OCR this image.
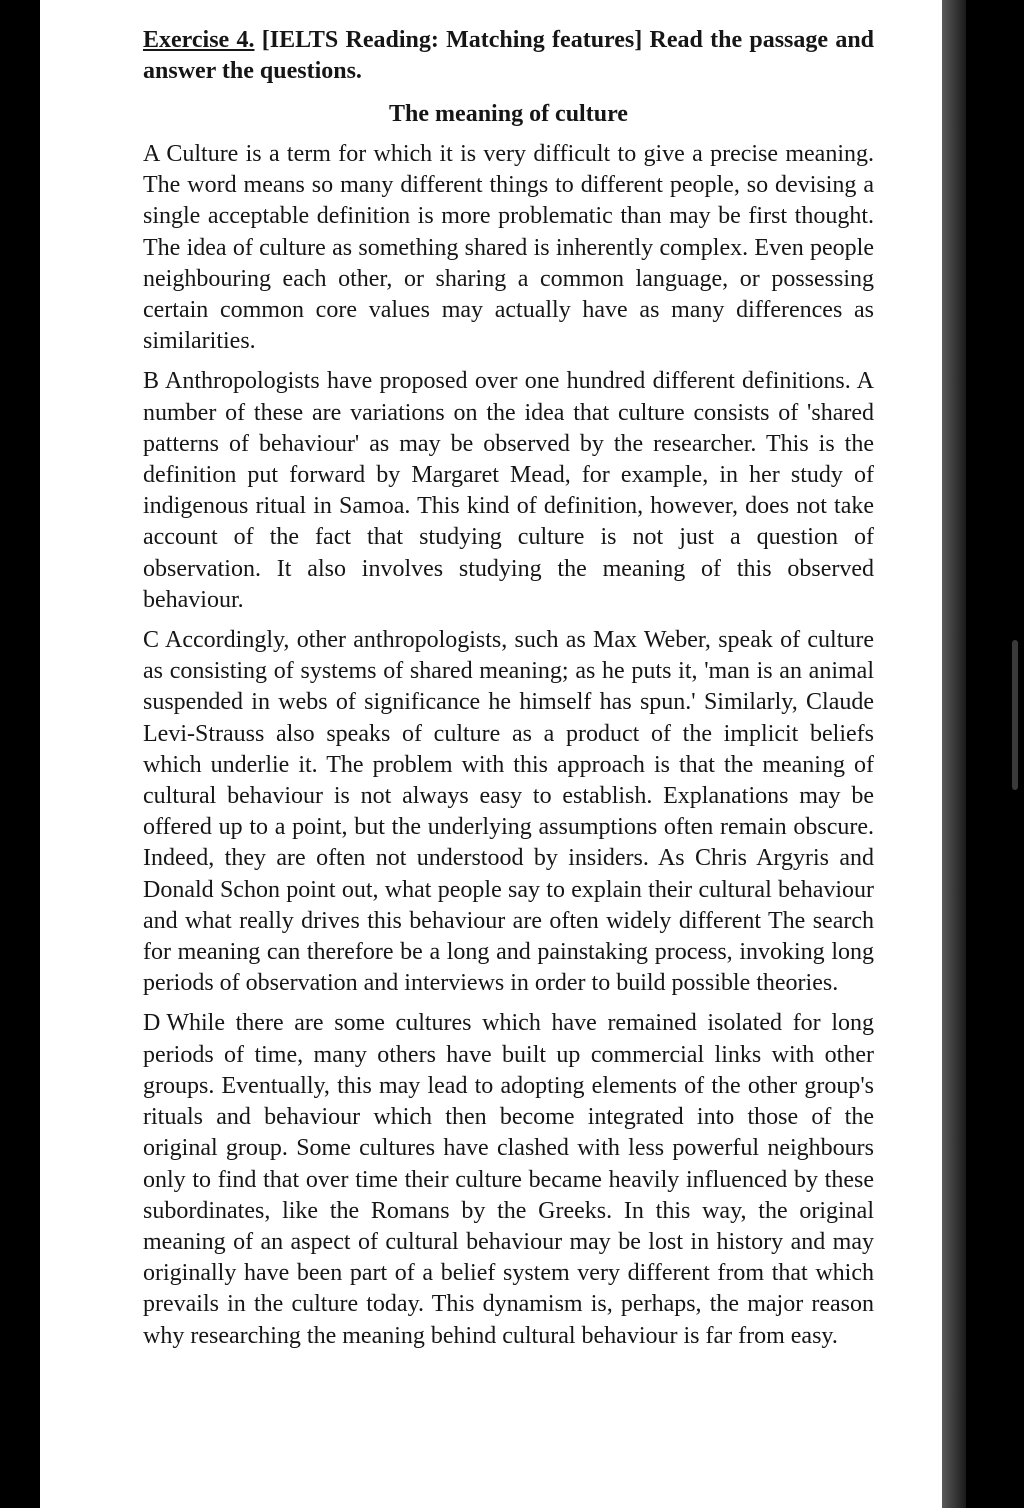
Exercise 4. [IELTS Reading: Matching features] Read the passage and answer the questions.

The meaning of culture

A Culture is a term for which it is very difficult to give a precise meaning. The word means so many different things to different people, so devising a single acceptable definition is more problematic than may be first thought. The idea of culture as something shared is inherently complex. Even people neighbouring each other, or sharing a common language, or possessing certain common core values may actually have as many differences as similarities.

B Anthropologists have proposed over one hundred different definitions. A number of these are variations on the idea that culture consists of 'shared patterns of behaviour' as may be observed by the researcher. This is the definition put forward by Margaret Mead, for example, in her study of indigenous ritual in Samoa. This kind of definition, however, does not take account of the fact that studying culture is not just a question of observation. It also involves studying the meaning of this observed behaviour.

C Accordingly, other anthropologists, such as Max Weber, speak of culture as consisting of systems of shared meaning; as he puts it, 'man is an animal suspended in webs of significance he himself has spun.' Similarly, Claude Levi-Strauss also speaks of culture as a product of the implicit beliefs which underlie it. The problem with this approach is that the meaning of cultural behaviour is not always easy to establish. Explanations may be offered up to a point, but the underlying assumptions often remain obscure. Indeed, they are often not understood by insiders. As Chris Argyris and Donald Schon point out, what people say to explain their cultural behaviour and what really drives this behaviour are often widely different The search for meaning can therefore be a long and painstaking process, invoking long periods of observation and interviews in order to build possible theories.

D While there are some cultures which have remained isolated for long periods of time, many others have built up commercial links with other groups. Eventually, this may lead to adopting elements of the other group's rituals and behaviour which then become integrated into those of the original group. Some cultures have clashed with less powerful neighbours only to find that over time their culture became heavily influenced by these subordinates, like the Romans by the Greeks. In this way, the original meaning of an aspect of cultural behaviour may be lost in history and may originally have been part of a belief system very different from that which prevails in the culture today. This dynamism is, perhaps, the major reason why researching the meaning behind cultural behaviour is far from easy.
